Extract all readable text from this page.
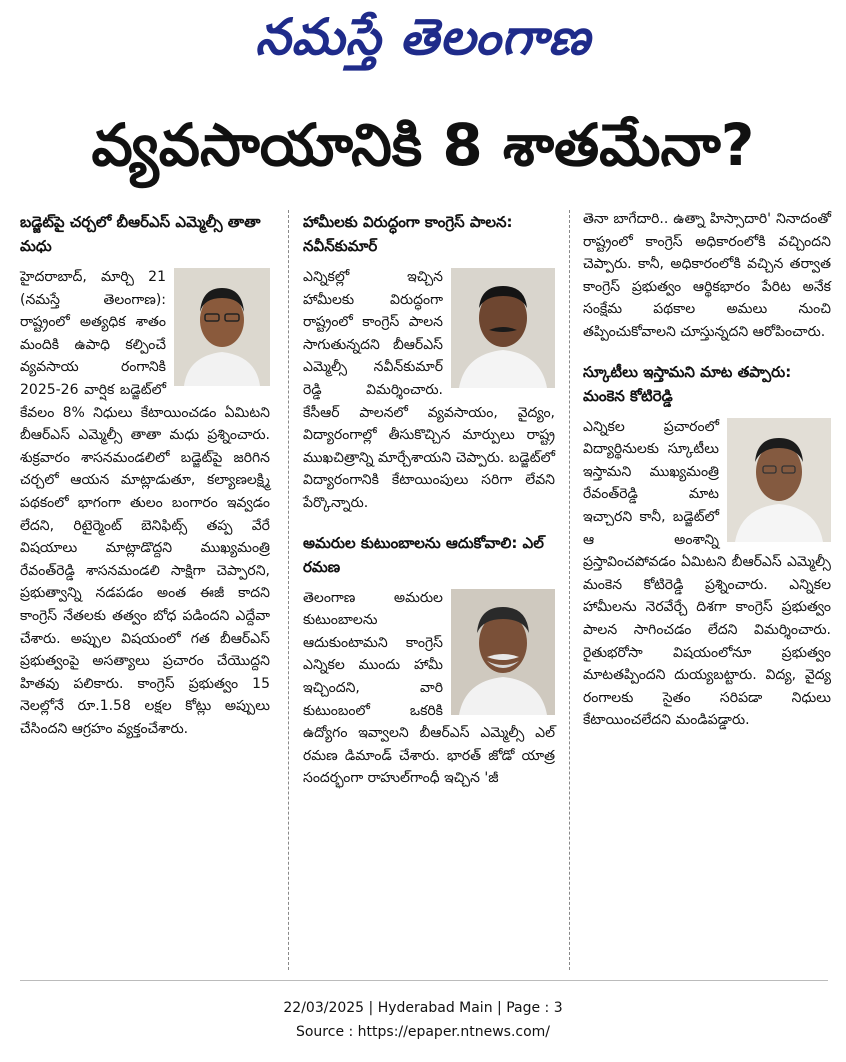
నమస్తే తెలంగాణ
వ్యవసాయానికి 8 శాతమేనా?
బడ్జెట్‌పై చర్చలో బీఆర్‌ఎస్ ఎమ్మెల్సీ తాతా మధు

హైదరాబాద్, మార్చి 21 (నమస్తే తెలంగాణ): రాష్ట్రంలో అత్యధిక శాతం మందికి ఉపాధి కల్పించే వ్యవసాయ రంగానికి 2025-26 వార్షిక బడ్జెట్‌లో కేవలం 8% నిధులు కేటాయించడం ఏమిటని బీఆర్‌ఎస్ ఎమ్మెల్సీ తాతా మధు ప్రశ్నించారు. శుక్రవారం శాసనమండలిలో బడ్జెట్‌పై జరిగిన చర్చలో ఆయన మాట్లాడుతూ, కల్యాణలక్ష్మి పథకంలో భాగంగా తులం బంగారం ఇవ్వడం లేదని, రిటైర్మెంట్ బెనిఫిట్స్ తప్ప వేరే విషయాలు మాట్లాడొద్దని ముఖ్యమంత్రి రేవంత్‌రెడ్డి శాసనమండలి సాక్షిగా చెప్పారని, ప్రభుత్వాన్ని నడపడం అంత ఈజీ కాదని కాంగ్రెస్ నేతలకు తత్వం బోధ పడిందని ఎద్దేవా చేశారు. అప్పుల విషయంలో గత బీఆర్‌ఎస్ ప్రభుత్వంపై అసత్యాలు ప్రచారం చేయొద్దని హితవు పలికారు. కాంగ్రెస్ ప్రభుత్వం 15 నెలల్లోనే రూ.1.58 లక్షల కోట్లు అప్పులు చేసిందని ఆగ్రహం వ్యక్తంచేశారు.

హామీలకు విరుద్ధంగా కాంగ్రెస్ పాలన: నవీన్‌కుమార్

ఎన్నికల్లో ఇచ్చిన హామీలకు విరుద్ధంగా రాష్ట్రంలో కాంగ్రెస్ పాలన సాగుతున్నదని బీఆర్‌ఎస్ ఎమ్మెల్సీ నవీన్‌కుమార్ రెడ్డి విమర్శించారు. కేసీఆర్ పాలనలో వ్యవసాయం, వైద్యం, విద్యారంగాల్లో తీసుకొచ్చిన మార్పులు రాష్ట్ర ముఖచిత్రాన్ని మార్చేశాయని చెప్పారు. బడ్జెట్‌లో విద్యారంగానికి కేటాయింపులు సరిగా లేవని పేర్కొన్నారు.

అమరుల కుటుంబాలను ఆదుకోవాలి: ఎల్ రమణ

తెలంగాణ అమరుల కుటుంబాలను ఆదుకుంటామని కాంగ్రెస్ ఎన్నికల ముందు హామీ ఇచ్చిందని, వారి కుటుంబంలో ఒకరికి ఉద్యోగం ఇవ్వాలని బీఆర్‌ఎస్ ఎమ్మెల్సీ ఎల్ రమణ డిమాండ్ చేశారు. భారత్ జోడో యాత్ర సందర్భంగా రాహుల్‌గాంధీ ఇచ్చిన 'జీ

తెనా బాగేదారి.. ఉత్నా హిస్సాదారి' నినాదంతో రాష్ట్రంలో కాంగ్రెస్ అధికారంలోకి వచ్చిందని చెప్పారు. కానీ, అధికారంలోకి వచ్చిన తర్వాత కాంగ్రెస్ ప్రభుత్వం ఆర్థికభారం పేరిట అనేక సంక్షేమ పథకాల అమలు నుంచి తప్పించుకోవాలని చూస్తున్నదని ఆరోపించారు.

స్కూటీలు ఇస్తామని మాట తప్పారు: మంకెన కోటిరెడ్డి

ఎన్నికల ప్రచారంలో విద్యార్థినులకు స్కూటీలు ఇస్తామని ముఖ్యమంత్రి రేవంత్‌రెడ్డి మాట ఇచ్చారని కానీ, బడ్జెట్‌లో ఆ అంశాన్ని ప్రస్తావించపోవడం ఏమిటని బీఆర్‌ఎస్ ఎమ్మెల్సీ మంకెన కోటిరెడ్డి ప్రశ్నించారు. ఎన్నికల హామీలను నెరవేర్చే దిశగా కాంగ్రెస్ ప్రభుత్వం పాలన సాగించడం లేదని విమర్శించారు. రైతుభరోసా విషయంలోనూ ప్రభుత్వం మాటతప్పిందని దుయ్యబట్టారు. విద్య, వైద్య రంగాలకు సైతం సరిపడా నిధులు కేటాయించలేదని మండిపడ్డారు.

22/03/2025 | Hyderabad Main | Page : 3
Source : https://epaper.ntnews.com/
